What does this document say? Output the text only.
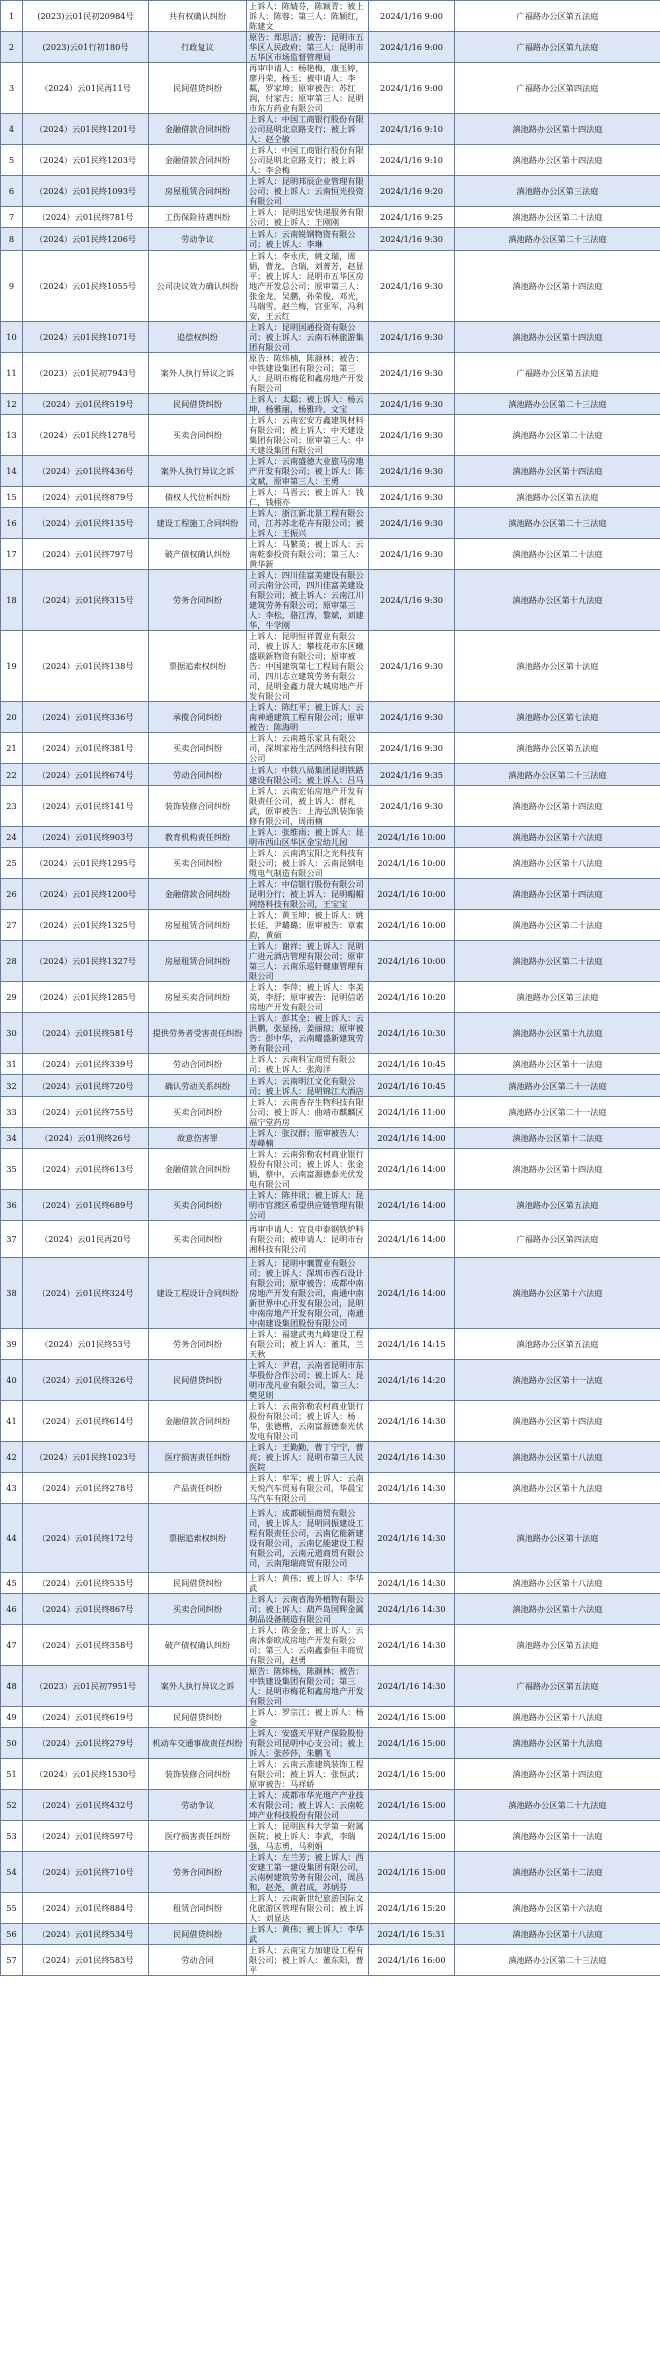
1	(2023)云01民初20984号	共有权确认纠纷	上诉人：陈婧芬，陈颖青；被上诉人：陈蓉；第三人：陈颖红，陈建文	2024/1/16 9:00	广福路办公区第五法庭
2	(2023)云01行初180号	行政复议	原告：郑思洁；被告：昆明市五华区人民政府；第三人：昆明市五华区市场监督管理局	2024/1/16 9:00	广福路办公区第九法庭
3	（2024）云01民再11号	民间借贷纠纷	再审申请人：杨艳梅，康玉婷，廖丹荣，杨玉；被申请人：李粼，罗家坤；原审被告：苏红润，付家吉；原审第三人：昆明市东方药业有限公司	2024/1/16 9:00	广福路办公区第四法庭
4	（2024）云01民终1201号	金融借款合同纠纷	上诉人：中国工商银行股份有限公司昆明北京路支行；被上诉人：赵仝敏	2024/1/16 9:10	滇池路办公区第十四法庭
5	（2024）云01民终1203号	金融借款合同纠纷	上诉人：中国工商银行股份有限公司昆明北京路支行；被上诉人：李会梅	2024/1/16 9:10	滇池路办公区第十四法庭
6	（2024）云01民终1093号	房屋租赁合同纠纷	上诉人：昆明邦辰企业管理有限公司；被上诉人：云南恒光投资有限公司	2024/1/16 9:20	滇池路办公区第三法庭
7	（2024）云01民终781号	工伤保险待遇纠纷	上诉人：昆明迅安快递服务有限公司；被上诉人：王刚刚	2024/1/16 9:25	滇池路办公区第二十法庭
8	（2024）云01民终1206号	劳动争议	上诉人：云南锐钢物资有限公司；被上诉人：李琳	2024/1/16 9:30	滇池路办公区第二十三法庭
9	（2024）云01民终1055号	公司决议效力确认纠纷	上诉人：李永庆，姚文瑞，周娟，曹龙，合瑞，刘菁芳，赵显平；被上诉人：昆明市五华区房地产开发总公司；原审第三人：张金龙，吴鹏，孙荣俊，邓光，马瑞雪，赵兰梅，宫亚军，冯利安，王云红	2024/1/16 9:30	滇池路办公区第十四法庭
10	（2024）云01民终1071号	追偿权纠纷	上诉人：昆明国通投资有限公司；被上诉人：云南石林旅游集团有限公司	2024/1/16 9:30	滇池路办公区第十四法庭
11	（2023）云01民初7943号	案外人执行异议之诉	原告：陈炜楠，陈颜林；被告：中铁建设集团有限公司；第三人：昆明市梅花和鑫房地产开发有限公司	2024/1/16 9:30	广福路办公区第五法庭
12	（2024）云01民终519号	民间借贷纠纷	上诉人：太聪；被上诉人：杨云坤，杨雅丽，杨雅玲，文宝	2024/1/16 9:30	滇池路办公区第二十三法庭
13	（2024）云01民终1278号	买卖合同纠纷	上诉人：云南宏安方鑫建筑材料有限公司；被上诉人：中天建设集团有限公司；原审第三人：中天建设集团有限公司	2024/1/16 9:30	滇池路办公区第二十法庭
14	（2024）云01民终436号	案外人执行异议之诉	上诉人：云南盛德大业旅马房地产开发有限公司；被上诉人：陈文斌，原审第三人：王勇	2024/1/16 9:30	滇池路办公区第十四法庭
15	（2024）云01民终879号	债权人代位析纠纷	上诉人：马晋云；被上诉人：钱仁，钱栩亦	2024/1/16 9:30	滇池路办公区第五法庭
16	（2024）云01民终135号	建设工程施工合同纠纷	上诉人：浙江新北景工程有限公司，江苏苏北花卉有限公司；被上诉人：王振兴	2024/1/16 9:30	滇池路办公区第二十三法庭
17	（2024）云01民终797号	破产债权确认纠纷	上诉人：马繁英；被上诉人：云南乾泰投资有限公司；第三人：黄华新	2024/1/16 9:30	滇池路办公区第二十法庭
18	（2024）云01民终315号	劳务合同纠纷	上诉人：四川佳富美建设有限公司云南分公司，四川佳富美建设有限公司；被上诉人：云南江川建筑劳务有限公司；原审第三人：李松，骆江涛，黎斌，刘建华，牛学刚	2024/1/16 9:30	滇池路办公区第十九法庭
19	（2024）云01民终138号	票据追索权纠纷	上诉人：昆明恒祥置业有限公司，被上诉人：攀枝花市东区曦盛联新物资有限公司；原审被告：中国建筑第七工程局有限公司，四川志立建筑劳务有限公司，昆明金鑫力晟大城房地产开发有限公司	2024/1/16 9:30	滇池路办公区第十法庭
20	（2024）云01民终336号	承揽合同纠纷	上诉人：陈红平；被上诉人：云南神通建筑工程有限公司；原审被告：陈海明	2024/1/16 9:30	滇池路办公区第七法庭
21	（2024）云01民终381号	买卖合同纠纷	上诉人：云南越乐家具有限公司，深圳家裕生活网络科技有限公司	2024/1/16 9:30	滇池路办公区第五法庭
22	（2024）云01民终674号	劳动合同纠纷	上诉人：中铁八局集团昆明铁路建设有限公司；被上诉人：吕马	2024/1/16 9:35	滇池路办公区第二十三法庭
23	（2024）云01民终141号	装饰装修合同纠纷	上诉人：云南宏佑房地产开发有限责任公司，被上诉人：群礼武，原审被告：上海弘凯装饰装修有限公司，周雨楠	2024/1/16 9:30	滇池路办公区第十四法庭
24	（2024）云01民终903号	教育机构责任纠纷	上诉人：张维雨；被上诉人：昆明市西山区华区金宝幼儿园	2024/1/16 10:00	滇池路办公区第十六法庭
25	（2024）云01民终1295号	买卖合同纠纷	上诉人：云南鸿宝阳之光科技有限公司；被上诉人：云南昆钢电缆电气制造有限公司	2024/1/16 10:00	滇池路办公区第十八法庭
26	（2024）云01民终1200号	金融借款合同纠纷	上诉人：中信银行股份有限公司昆明分行；被上诉人：昆明帽帽网络科技有限公司，王宝宝	2024/1/16 10:00	滇池路办公区第十四法庭
27	（2024）云01民终1325号	房屋租赁合同纠纷	上诉人：黄玉坤；被上诉人：姚长廷，尹璐璐；原审被告：章素韵，黄硕	2024/1/16 10:00	滇池路办公区第二十法庭
28	（2024）云01民终1327号	房屋租赁合同纠纷	上诉人：谢祥；被上诉人：昆明广进元酒店管理有限公司；原审第三人：云南乐巡轩健康管理有限公司	2024/1/16 10:00	滇池路办公区第二十法庭
29	（2024）云01民终1285号	房屋买卖合同纠纷	上诉人：李萍；被上诉人：李美英，李舒；原审被告：昆明信诺房地产开发有限公司	2024/1/16 10:20	滇池路办公区第三法庭
30	（2024）云01民终581号	提供劳务者受害责任纠纷	上诉人：彭其全；被上诉人：云洪鹏，张显扬，姜丽琼；原审被告：彭中华，云南耀盛新建筑劳务有限公司	2024/1/16 10:30	滇池路办公区第十九法庭
31	（2024）云01民终339号	劳动合同纠纷	上诉人：云南科宝商贸有限公司；被上诉人：张海洋	2024/1/16 10:45	滇池路办公区第十一法庭
32	（2024）云01民终720号	确认劳动关系纠纷	上诉人：云南明江文化有限公司；被上诉人：昆明锦江大酒店	2024/1/16 10:45	滇池路办公区第二十一法庭
33	（2024）云01民终755号	买卖合同纠纷	上诉人：云南香存生物科技有限公司；被上诉人：曲靖市麒麟区福宁堂药房	2024/1/16 11:00	滇池路办公区第二十一法庭
34	（2024）云01刑终26号	故意伤害罪	上诉人：张汉群；原审被告人：寿峰楠	2024/1/16 14:00	滇池路办公区第十二法庭
35	（2024）云01民终613号	金融借款合同纠纷	上诉人：云南弥勒农村商业银行股份有限公司；被上诉人：张金娟，蔡中，云南富源德泰光伏发电有限公司	2024/1/16 14:00	滇池路办公区第十四法庭
36	（2024）云01民终689号	买卖合同纠纷	上诉人：陈井讯；被上诉人：昆明市官渡区希望供应链管理有限公司	2024/1/16 14:00	滇池路办公区第五法庭
37	（2024）云01民再20号	买卖合同纠纷	再审申请人：宜良申泰钢铁炉料有限公司；被申请人：昆明市台湘科技有限公司	2024/1/16 14:00	广福路办公区第四法庭
38	（2024）云01民终324号	建设工程设计合同纠纷	上诉人：昆明中襄置业有限公司；被上诉人：深圳市西石设计有限公司；原审被告：成都中南房地产开发有限公司，南通中南新世界中心开发有限公司，昆明中南房地产开发有限公司，南通中南建设集团股份有限公司	2024/1/16 14:00	滇池路办公区第十六法庭
39	（2024）云01民终53号	劳务合同纠纷	上诉人：福建武夷九峰建设工程有限公司；被上诉人：董其，兰天秋	2024/1/16 14:15	滇池路办公区第五法庭
40	（2024）云01民终326号	民间借贷纠纷	上诉人：尹君，云南省昆明市东华股份合作公司；被上诉人：昆明市茂凡业有限公司，第三人：樊见则	2024/1/16 14:20	滇池路办公区第十一法庭
41	（2024）云01民终614号	金融借款合同纠纷	上诉人：云南弥勒农村商业银行股份有限公司；被上诉人：杨华，张德楷，云南富源德泰光伏发电有限公司	2024/1/16 14:30	滇池路办公区第十四法庭
42	（2024）云01民终1023号	医疗损害责任纠纷	上诉人：王勤勤，曹丁宁宁，曹亮；被上诉人：昆明市第三人民医院	2024/1/16 14:30	滇池路办公区第十八法庭
43	（2024）云01民终278号	产品责任纠纷	上诉人：牟军；被上诉人：云南天悦汽车贸易有限公司，华晨宝马汽车有限公司	2024/1/16 14:30	滇池路办公区第十九法庭
44	（2024）云01民终172号	票据追索权纠纷	上诉人：成都硕恒商贸有限公司，被上诉人：昆明同振建设工程有限责任公司，云南亿能新建设有限公司，云南亿能建设工程有限公司，云南元道商贸有限公司，云南翔瑞商贸有限公司	2024/1/16 14:30	滇池路办公区第十法庭
45	（2024）云01民终535号	民间借贷纠纷	上诉人：黄伟；被上诉人：李华武	2024/1/16 14:30	滇池路办公区第十八法庭
46	（2024）云01民终867号	买卖合同纠纷	上诉人：云南省海外植物有限公司；被上诉人：葫芦岛国辉金属制品设备制造有限公司	2024/1/16 14:30	滇池路办公区第十六法庭
47	（2024）云01民终358号	破产债权确认纠纷	上诉人：陈金金；被上诉人：云南沐泰欧成房地产开发有限公司；第三人：云南鑫泰恒丰商贸有限公司，赵勇	2024/1/16 14:30	滇池路办公区第五法庭
48	（2023）云01民初7951号	案外人执行异议之诉	原告：陈炜杨，陈颜林；被告：中铁建设集团有限公司；第三人：昆明市梅花和鑫房地产开发有限公司	2024/1/16 14:30	广福路办公区第五法庭
49	（2024）云01民终619号	民间借贷纠纷	上诉人：罗宗江；被上诉人：杨金	2024/1/16 15:00	滇池路办公区第十八法庭
50	（2024）云01民终279号	机动车交通事故责任纠纷	上诉人：安盛天平财产保险股份有限公司昆明中心支公司；被上诉人：张莎莎，朱鹏飞	2024/1/16 15:00	滇池路办公区第十九法庭
51	（2024）云01民终1530号	装饰装修合同纠纷	上诉人：云南云准建筑装饰工程有限公司；被上诉人：张恒武；原审被告：马祥娇	2024/1/16 15:00	滇池路办公区第十四法庭
52	（2024）云01民终432号	劳动争议	上诉人：成都市华光地产产业技术有限公司；被上诉人：云南乾坤产业科技股份有限公司	2024/1/16 15:00	滇池路办公区第二十九法庭
53	（2024）云01民终597号	医疗损害责任纠纷	上诉人：昆明医科大学第一附属医院；被上诉人：李武，李瑞强，马志勇，马利娟	2024/1/16 15:00	滇池路办公区第十一法庭
54	（2024）云01民终710号	劳务合同纠纷	上诉人：左兰芳；被上诉人：西安建工第一建设集团有限公司，云南树建筑劳务有限公司，周昌和，赵尧，黄君成，苏炳芬	2024/1/16 15:00	滇池路办公区第十二法庭
55	（2024）云01民终884号	租赁合同纠纷	上诉人：云南新世纪旅游国际文化旅游区管理有限公司；被上诉人：刘显达	2024/1/16 15:20	滇池路办公区第十六法庭
56	（2024）云01民终534号	民间借贷纠纷	上诉人：黄伟；被上诉人：李华武	2024/1/16 15:31	滇池路办公区第十八法庭
57	（2024）云01民终583号	劳动合同	上诉人：云南宝力加建设工程有限公司；被上诉人：董东阳，曹平	2024/1/16 16:00	滇池路办公区第二十三法庭
